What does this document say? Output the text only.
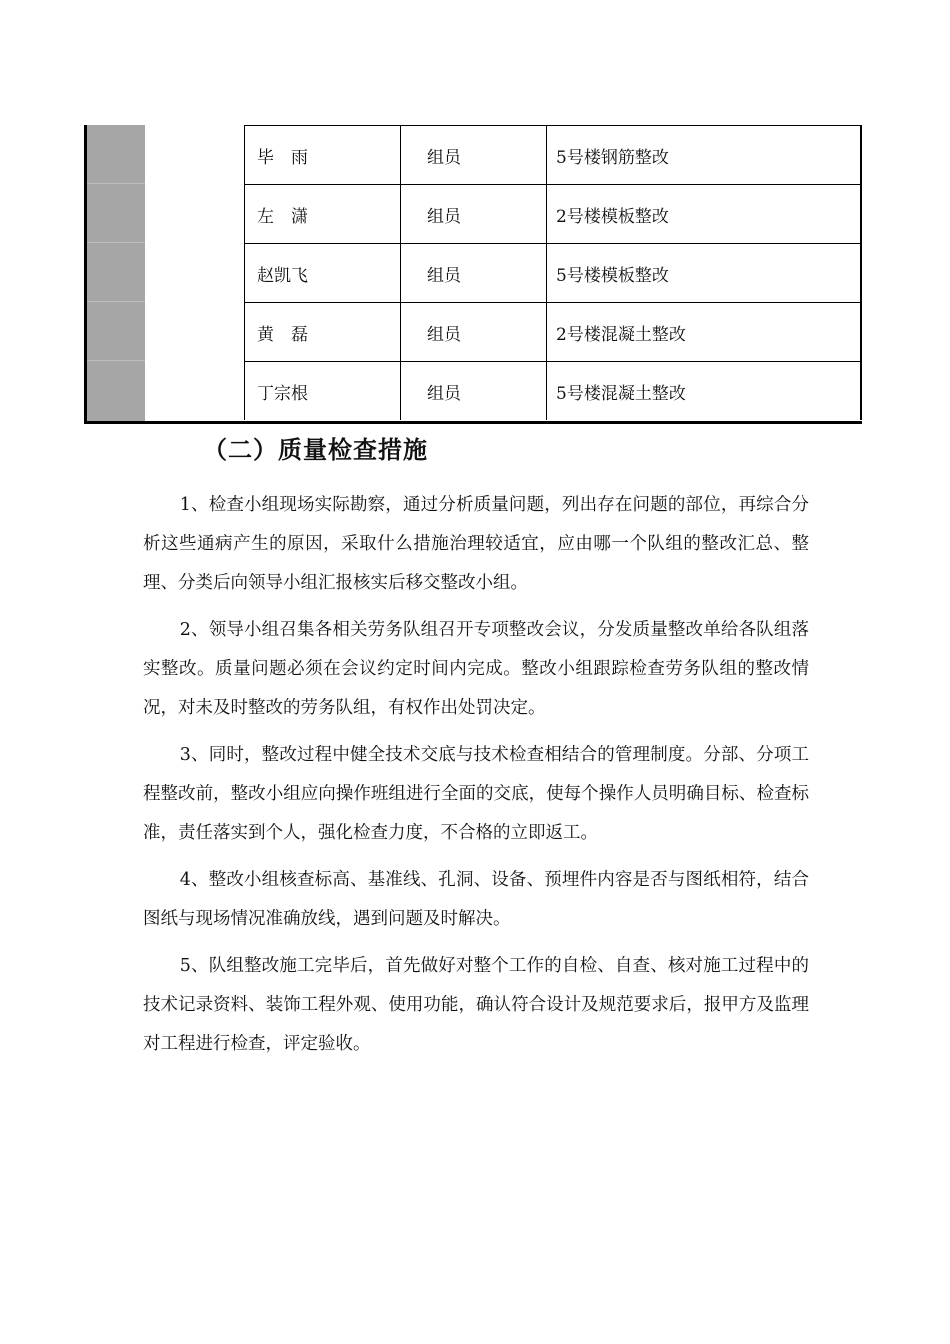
毕　雨	组员	5号楼钢筋整改
左　潇	组员	2号楼模板整改
赵凯飞	组员	5号楼模板整改
黄　磊	组员	2号楼混凝土整改
丁宗根	组员	5号楼混凝土整改
（二）质量检查措施

1、检查小组现场实际勘察，通过分析质量问题，列出存在问题的部位，再综合分析这些通病产生的原因，采取什么措施治理较适宜，应由哪一个队组的整改汇总、整理、分类后向领导小组汇报核实后移交整改小组。

2、领导小组召集各相关劳务队组召开专项整改会议，分发质量整改单给各队组落实整改。质量问题必须在会议约定时间内完成。整改小组跟踪检查劳务队组的整改情况，对未及时整改的劳务队组，有权作出处罚决定。

3、同时，整改过程中健全技术交底与技术检查相结合的管理制度。分部、分项工程整改前，整改小组应向操作班组进行全面的交底，使每个操作人员明确目标、检查标准，责任落实到个人，强化检查力度，不合格的立即返工。

4、整改小组核查标高、基准线、孔洞、设备、预埋件内容是否与图纸相符，结合图纸与现场情况准确放线，遇到问题及时解决。

5、队组整改施工完毕后，首先做好对整个工作的自检、自查、核对施工过程中的技术记录资料、装饰工程外观、使用功能，确认符合设计及规范要求后，报甲方及监理对工程进行检查，评定验收。
